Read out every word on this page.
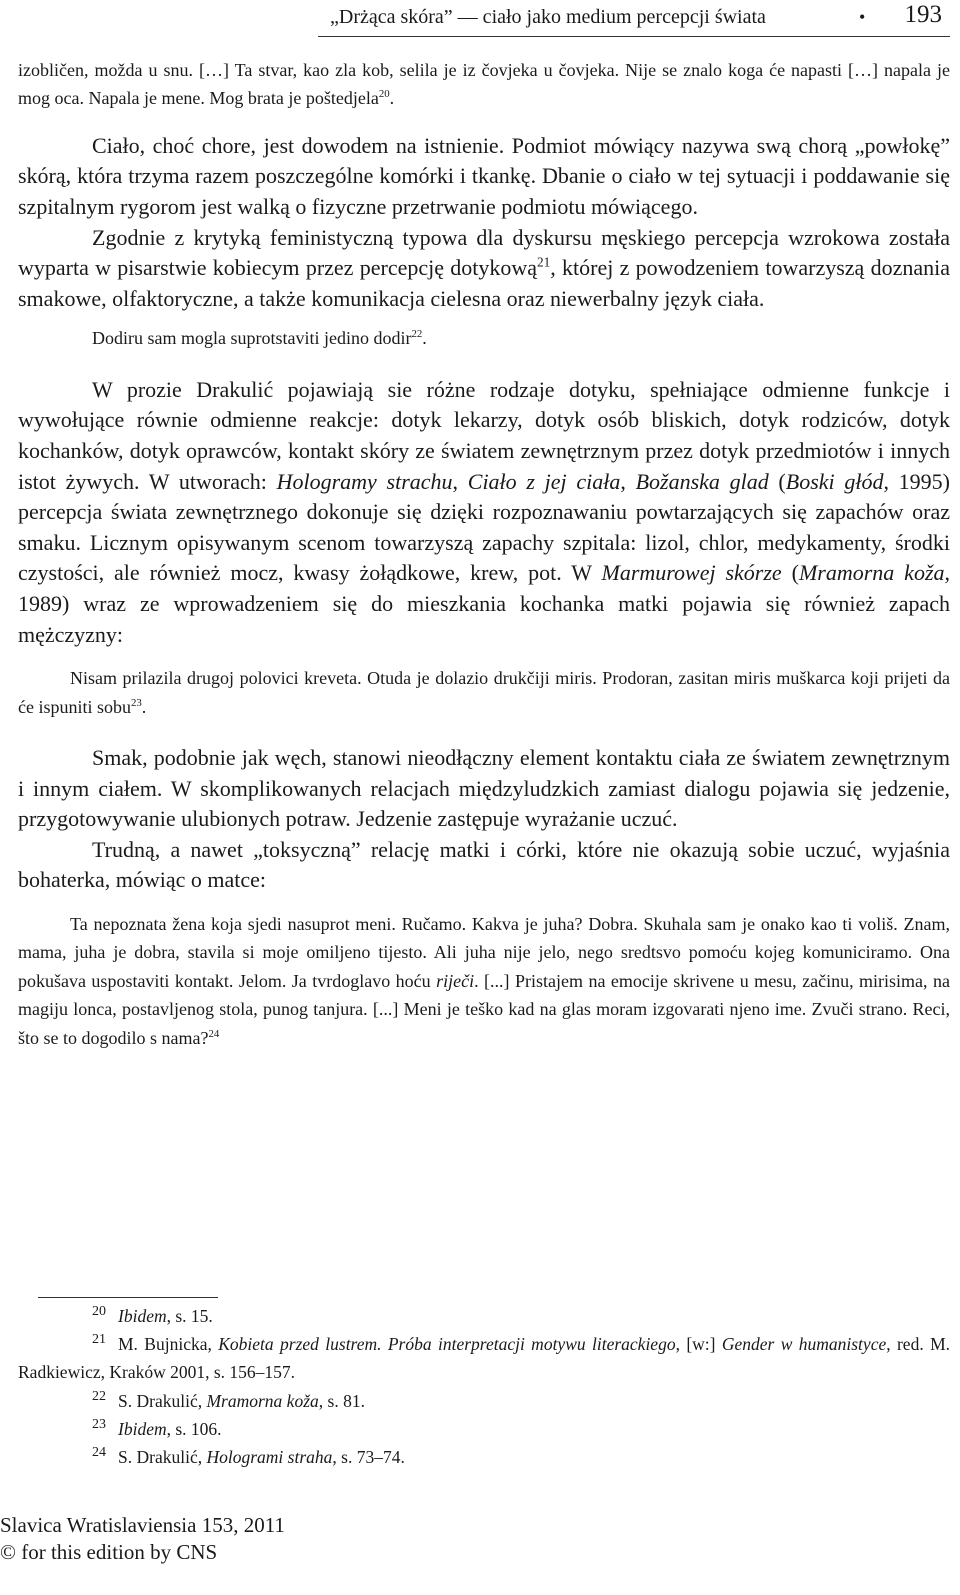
„Drżąca skóra” — ciało jako medium percepcji świata	• 193

izobličen, možda u snu. […] Ta stvar, kao zla kob, selila je iz čovjeka u čovjeka. Nije se znalo koga će napasti […] napala je mog oca. Napala je mene. Mog brata je poštedjela$^{20}$.

Ciało, choć chore, jest dowodem na istnienie. Podmiot mówiący nazywa swą chorą „powłokę” skórą, która trzyma razem poszczególne komórki i tkankę. Dbanie o ciało w tej sytuacji i poddawanie się szpitalnym rygorom jest walką o fizyczne przetrwanie podmiotu mówiącego.

Zgodnie z krytyką feministyczną typowa dla dyskursu męskiego percepcja wzrokowa została wyparta w pisarstwie kobiecym przez percepcję dotykową$^{21}$, której z powodzeniem towarzyszą doznania smakowe, olfaktoryczne, a także komunikacja cielesna oraz niewerbalny język ciała.

Dodiru sam mogla suprotstaviti jedino dodir$^{22}$.

W prozie Drakulić pojawiają sie różne rodzaje dotyku, spełniające odmienne funkcje i wywołujące równie odmienne reakcje: dotyk lekarzy, dotyk osób bliskich, dotyk rodziców, dotyk kochanków, dotyk oprawców, kontakt skóry ze światem zewnętrznym przez dotyk przedmiotów i innych istot żywych. W utworach: Hologramy strachu, Ciało z jej ciała, Božanska glad (Boski głód, 1995) percepcja świata zewnętrznego dokonuje się dzięki rozpoznawaniu powtarzających się zapachów oraz smaku. Licznym opisywanym scenom towarzyszą zapachy szpitala: lizol, chlor, medykamenty, środki czystości, ale również mocz, kwasy żołądkowe, krew, pot. W Marmurowej skórze (Mramorna koža, 1989) wraz ze wprowadzeniem się do mieszkania kochanka matki pojawia się również zapach mężczyzny:

Nisam prilazila drugoj polovici kreveta. Otuda je dolazio drukčiji miris. Prodoran, zasitan miris muškarca koji prijeti da će ispuniti sobu$^{23}$.

Smak, podobnie jak węch, stanowi nieodłączny element kontaktu ciała ze światem zewnętrznym i innym ciałem. W skomplikowanych relacjach międzyludzkich zamiast dialogu pojawia się jedzenie, przygotowywanie ulubionych potraw. Jedzenie zastępuje wyrażanie uczuć.

Trudną, a nawet „toksyczną” relację matki i córki, które nie okazują sobie uczuć, wyjaśnia bohaterka, mówiąc o matce:

Ta nepoznata žena koja sjedi nasuprot meni. Ručamo. Kakva je juha? Dobra. Skuhala sam je onako kao ti voliš. Znam, mama, juha je dobra, stavila si moje omiljeno tijesto. Ali juha nije jelo, nego sredtsvo pomoću kojeg komuniciramo. Ona pokušava uspostaviti kontakt. Jelom. Ja tvrdoglavo hoću riječi. [...] Pristajem na emocije skrivene u mesu, začinu, mirisima, na magiju lonca, postavljenog stola, punog tanjura. [...] Meni je teško kad na glas moram izgovarati njeno ime. Zvuči strano. Reci, što se to dogodilo s nama?$^{24}$

$^{20}$ Ibidem, s. 15.

$^{21}$ M. Bujnicka, Kobieta przed lustrem. Próba interpretacji motywu literackiego, [w:] Gender w humanistyce, red. M. Radkiewicz, Kraków 2001, s. 156–157.

$^{22}$ S. Drakulić, Mramorna koža, s. 81.

$^{23}$ Ibidem, s. 106.

$^{24}$ S. Drakulić, Hologrami straha, s. 73–74.

Slavica Wratislaviensia 153, 2011
© for this edition by CNS
